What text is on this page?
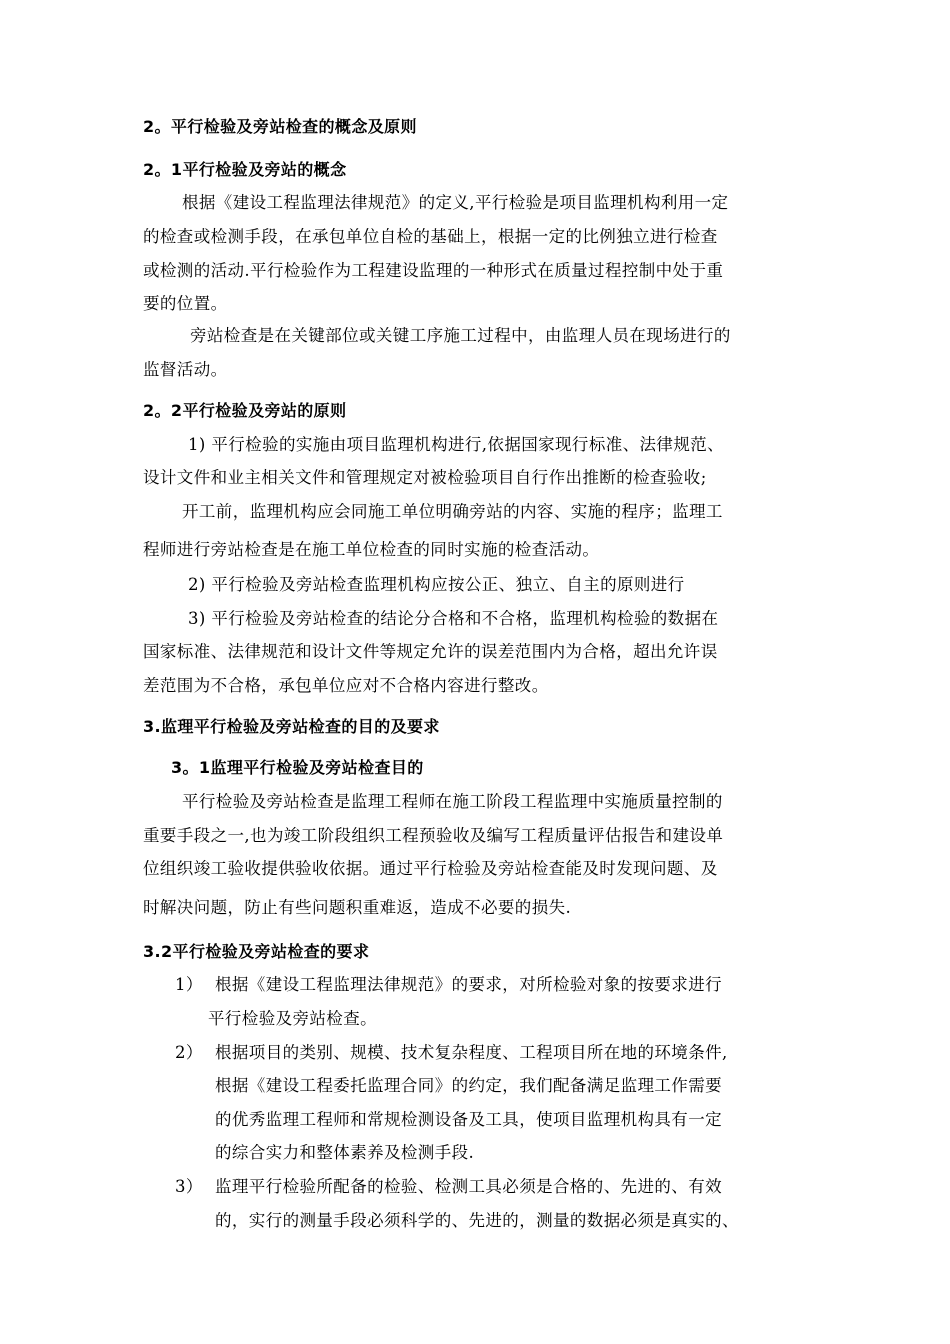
2。平行检验及旁站检查的概念及原则
2。1平行检验及旁站的概念
根据《建设工程监理法律规范》的定义,平行检验是项目监理机构利用一定
的检查或检测手段，在承包单位自检的基础上，根据一定的比例独立进行检查
或检测的活动.平行检验作为工程建设监理的一种形式在质量过程控制中处于重
要的位置。
旁站检查是在关键部位或关键工序施工过程中，由监理人员在现场进行的
监督活动。
2。2平行检验及旁站的原则
1) 平行检验的实施由项目监理机构进行,依据国家现行标准、法律规范、
设计文件和业主相关文件和管理规定对被检验项目自行作出推断的检查验收;
开工前，监理机构应会同施工单位明确旁站的内容、实施的程序；监理工
程师进行旁站检查是在施工单位检查的同时实施的检查活动。
2) 平行检验及旁站检查监理机构应按公正、独立、自主的原则进行
3) 平行检验及旁站检查的结论分合格和不合格，监理机构检验的数据在
国家标准、法律规范和设计文件等规定允许的误差范围内为合格，超出允许误
差范围为不合格，承包单位应对不合格内容进行整改。
3.监理平行检验及旁站检查的目的及要求
3。1监理平行检验及旁站检查目的
平行检验及旁站检查是监理工程师在施工阶段工程监理中实施质量控制的
重要手段之一,也为竣工阶段组织工程预验收及编写工程质量评估报告和建设单
位组织竣工验收提供验收依据。通过平行检验及旁站检查能及时发现问题、及
时解决问题，防止有些问题积重难返，造成不必要的损失.
3.2平行检验及旁站检查的要求
1） 根据《建设工程监理法律规范》的要求，对所检验对象的按要求进行
平行检验及旁站检查。
2） 根据项目的类别、规模、技术复杂程度、工程项目所在地的环境条件,
根据《建设工程委托监理合同》的约定，我们配备满足监理工作需要
的优秀监理工程师和常规检测设备及工具，使项目监理机构具有一定
的综合实力和整体素养及检测手段.
3） 监理平行检验所配备的检验、检测工具必须是合格的、先进的、有效
的，实行的测量手段必须科学的、先进的，测量的数据必须是真实的、
